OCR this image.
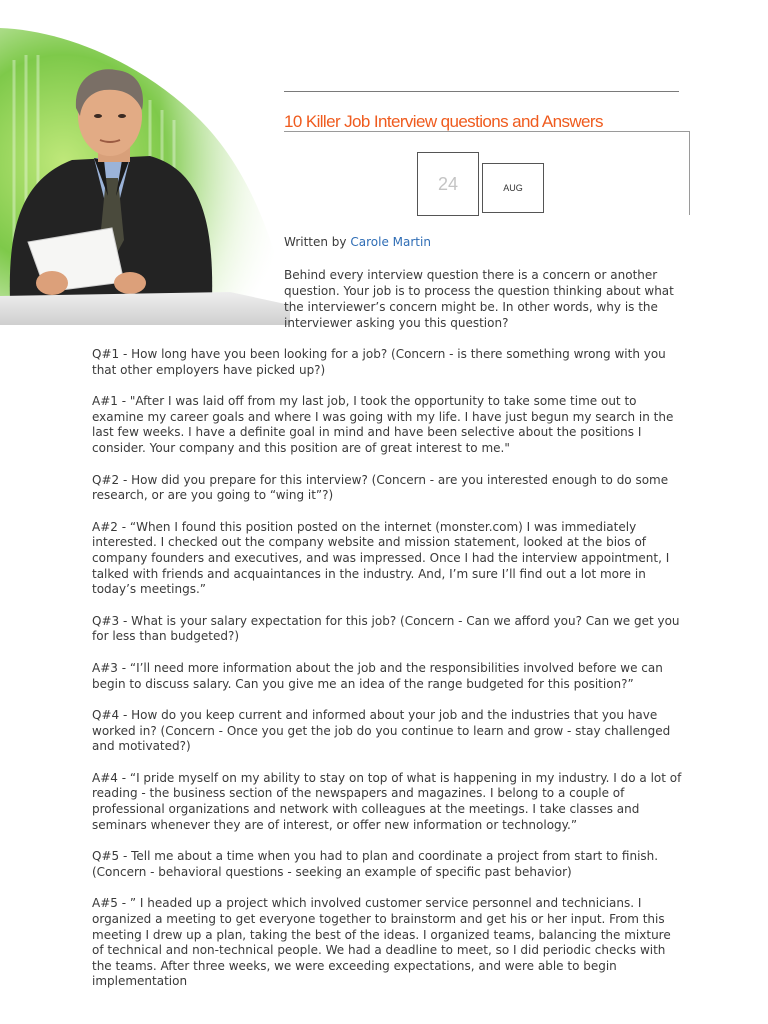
10 Killer Job Interview questions and Answers
24	AUG
Written by Carole Martin

Behind every interview question there is a concern or another question. Your job is to process the question thinking about what the interviewer’s concern might be. In other words, why is the interviewer asking you this question?

Q#1 - How long have you been looking for a job? (Concern - is there something wrong with you that other employers have picked up?)

A#1 - "After I was laid off from my last job, I took the opportunity to take some time out to examine my career goals and where I was going with my life. I have just begun my search in the last few weeks. I have a definite goal in mind and have been selective about the positions I consider. Your company and this position are of great interest to me."

Q#2 - How did you prepare for this interview? (Concern - are you interested enough to do some research, or are you going to “wing it”?)

A#2 - “When I found this position posted on the internet (monster.com) I was immediately interested. I checked out the company website and mission statement, looked at the bios of company founders and executives, and was impressed. Once I had the interview appointment, I talked with friends and acquaintances in the industry. And, I’m sure I’ll find out a lot more in today’s meetings.”

Q#3 - What is your salary expectation for this job? (Concern - Can we afford you? Can we get you for less than budgeted?)

A#3 - “I’ll need more information about the job and the responsibilities involved before we can begin to discuss salary. Can you give me an idea of the range budgeted for this position?”

Q#4 - How do you keep current and informed about your job and the industries that you have worked in? (Concern - Once you get the job do you continue to learn and grow - stay challenged and motivated?)

A#4 - “I pride myself on my ability to stay on top of what is happening in my industry. I do a lot of reading - the business section of the newspapers and magazines. I belong to a couple of professional organizations and network with colleagues at the meetings. I take classes and seminars whenever they are of interest, or offer new information or technology.”

Q#5 - Tell me about a time when you had to plan and coordinate a project from start to finish. (Concern - behavioral questions - seeking an example of specific past behavior)

A#5 - ” I headed up a project which involved customer service personnel and technicians. I organized a meeting to get everyone together to brainstorm and get his or her input. From this meeting I drew up a plan, taking the best of the ideas. I organized teams, balancing the mixture of technical and non-technical people. We had a deadline to meet, so I did periodic checks with the teams. After three weeks, we were exceeding expectations, and were able to begin implementation
